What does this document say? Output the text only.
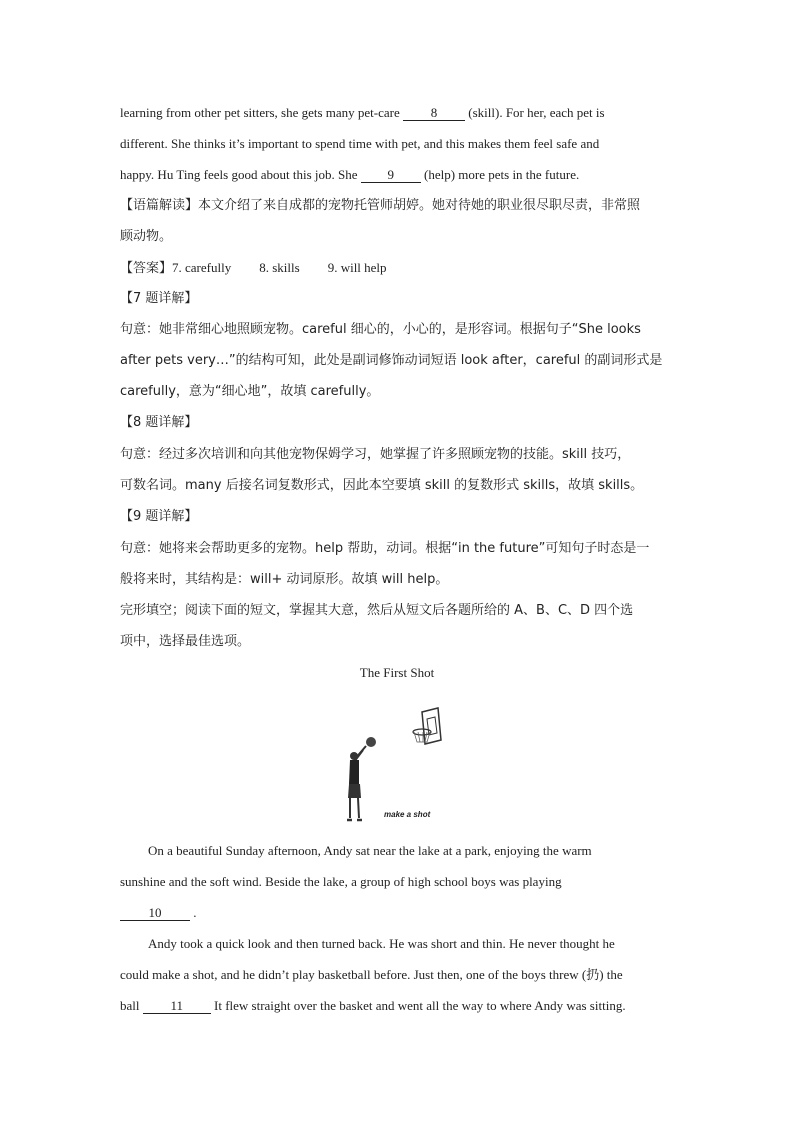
learning from other pet sitters, she gets many pet-care 8 (skill). For her, each pet is
different. She thinks it’s important to spend time with pet, and this makes them feel safe and
happy. Hu Ting feels good about this job. She 9 (help) more pets in the future.
【语篇解读】本文介绍了来自成都的宠物托管师胡婷。她对待她的职业很尽职尽责，非常照
顾动物。
【答案】7. carefully 8. skills 9. will help
【7 题详解】
句意：她非常细心地照顾宠物。careful 细心的，小心的，是形容词。根据句子“She looks
after pets very…”的结构可知，此处是副词修饰动词短语 look after，careful 的副词形式是
carefully，意为“细心地”，故填 carefully。
【8 题详解】
句意：经过多次培训和向其他宠物保姆学习，她掌握了许多照顾宠物的技能。skill 技巧，
可数名词。many 后接名词复数形式，因此本空要填 skill 的复数形式 skills，故填 skills。
【9 题详解】
句意：她将来会帮助更多的宠物。help 帮助，动词。根据“in the future”可知句子时态是一
般将来时，其结构是：will+ 动词原形。故填 will help。
完形填空；阅读下面的短文，掌握其大意，然后从短文后各题所给的 A、B、C、D 四个选
项中，选择最佳选项。
The First Shot
make a shot
On a beautiful Sunday afternoon, Andy sat near the lake at a park, enjoying the warm
sunshine and the soft wind. Beside the lake, a group of high school boys was playing
10 .
Andy took a quick look and then turned back. He was short and thin. He never thought he
could make a shot, and he didn’t play basketball before. Just then, one of the boys threw (扔) the
ball 11 It flew straight over the basket and went all the way to where Andy was sitting.
